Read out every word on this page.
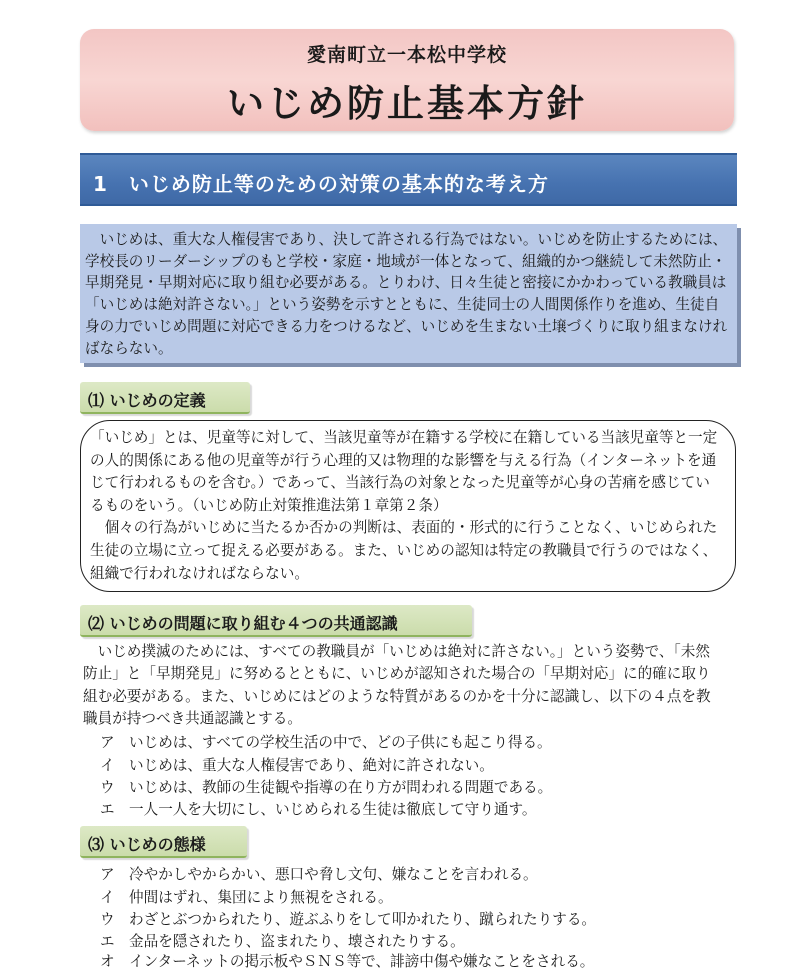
愛南町立一本松中学校
いじめ防止基本方針
1　いじめ防止等のための対策の基本的な考え方

いじめは、重大な人権侵害であり、決して許される行為ではない。いじめを防止するためには、学校長のリーダーシップのもと学校・家庭・地域が一体となって、組織的かつ継続して未然防止・早期発見・早期対応に取り組む必要がある。とりわけ、日々生徒と密接にかかわっている教職員は「いじめは絶対許さない。」という姿勢を示すとともに、生徒同士の人間関係作りを進め、生徒自身の力でいじめ問題に対応できる力をつけるなど、いじめを生まない土壌づくりに取り組まなければならない。

⑴ いじめの定義

「いじめ」とは、児童等に対して、当該児童等が在籍する学校に在籍している当該児童等と一定の人的関係にある他の児童等が行う心理的又は物理的な影響を与える行為（インターネットを通じて行われるものを含む。）であって、当該行為の対象となった児童等が心身の苦痛を感じているものをいう。（いじめ防止対策推進法第１章第２条）

個々の行為がいじめに当たるか否かの判断は、表面的・形式的に行うことなく、いじめられた生徒の立場に立って捉える必要がある。また、いじめの認知は特定の教職員で行うのではなく、組織で行われなければならない。

⑵ いじめの問題に取り組む４つの共通認識

いじめ撲滅のためには、すべての教職員が「いじめは絶対に許さない。」という姿勢で、「未然防止」と「早期発見」に努めるとともに、いじめが認知された場合の「早期対応」に的確に取り組む必要がある。また、いじめにはどのような特質があるのかを十分に認識し、以下の４点を教職員が持つべき共通認識とする。

ア いじめは、すべての学校生活の中で、どの子供にも起こり得る。
イ いじめは、重大な人権侵害であり、絶対に許されない。
ウ いじめは、教師の生徒観や指導の在り方が問われる問題である。
エ 一人一人を大切にし、いじめられる生徒は徹底して守り通す。
⑶ いじめの態様
ア 冷やかしやからかい、悪口や脅し文句、嫌なことを言われる。
イ 仲間はずれ、集団により無視をされる。
ウ わざとぶつかられたり、遊ぶふりをして叩かれたり、蹴られたりする。
エ 金品を隠されたり、盗まれたり、壊されたりする。
オ インターネットの掲示板やＳＮＳ等で、誹謗中傷や嫌なことをされる。
